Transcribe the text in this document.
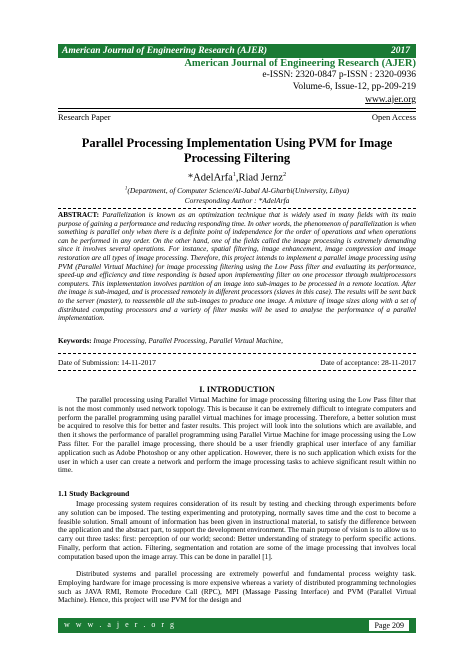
American Journal of Engineering Research (AJER)	2017
American Journal of Engineering Research (AJER)
e-ISSN: 2320-0847 p-ISSN : 2320-0936
Volume-6, Issue-12, pp-209-219
www.ajer.org
Research Paper	Open Access
Parallel Processing Implementation Using PVM for Image Processing Filtering
*AdelArfa$^1$,Riad Jernz$^2$
$^1$(Department, of Computer Science/Al-Jabal Al-Gharbi(University, Libya)
Corresponding Author : *AdelArfa
ABSTRACT: Parallelization is known as an optimization technique that is widely used in many fields with its main purpose of gaining a performance and reducing responding time. In other words, the phenomenon of parallelization is when something is parallel only when there is a definite point of independence for the order of operations and when operations can be performed in any order. On the other hand, one of the fields called the image processing is extremely demanding since it involves several operations. For instance, spatial filtering, image enhancement, image compression and image restoration are all types of image processing. Therefore, this project intends to implement a parallel image processing using PVM (Parallel Virtual Machine) for image processing filtering using the Low Pass filter and evaluating its performance, speed-up and efficiency and time responding is based upon implementing filter on one processor through multiprocessors computers. This implementation involves partition of an image into sub-images to be processed in a remote location. After the image is sub-imaged, and is processed remotely in different processors (slaves in this case). The results will be sent back to the server (master), to reassemble all the sub-images to produce one image. A mixture of image sizes along with a set of distributed computing processors and a variety of filter masks will be used to analyse the performance of a parallel implementation.
Keywords: Image Processing, Parallel Processing, Parallel Virtual Machine,
Date of Submission: 14-11-2017	Date of acceptance: 28-11-2017
I. INTRODUCTION
The parallel processing using Parallel Virtual Machine for image processing filtering using the Low Pass filter that is not the most commonly used network topology. This is because it can be extremely difficult to integrate computers and perform the parallel programming using parallel virtual machines for image processing. Therefore, a better solution must be acquired to resolve this for better and faster results. This project will look into the solutions which are available, and then it shows the performance of parallel programming using Parallel Virtue Machine for image processing using the Low Pass filter. For the parallel image processing, there should be a user friendly graphical user interface of any familiar application such as Adobe Photoshop or any other application. However, there is no such application which exists for the user in which a user can create a network and perform the image processing tasks to achieve significant result within no time.
1.1 Study Background
Image processing system requires consideration of its result by testing and checking through experiments before any solution can be imposed. The testing experimenting and prototyping, normally saves time and the cost to become a feasible solution. Small amount of information has been given in instructional material, to satisfy the difference between the application and the abstract part, to support the development environment. The main purpose of vision is to allow us to carry out three tasks: first: perception of our world; second: Better understanding of strategy to perform specific actions. Finally, perform that action. Filtering, segmentation and rotation are some of the image processing that involves local computation based upon the image array. This can be done in parallel [1].
Distributed systems and parallel processing are extremely powerful and fundamental process weighty task. Employing hardware for image processing is more expensive whereas a variety of distributed programming technologies such as JAVA RMI, Remote Procedure Call (RPC), MPI (Massage Passing Interface) and PVM (Parallel Virtual Machine). Hence, this project will use PVM for the design and
w w w . a j e r . o r g	Page 209
